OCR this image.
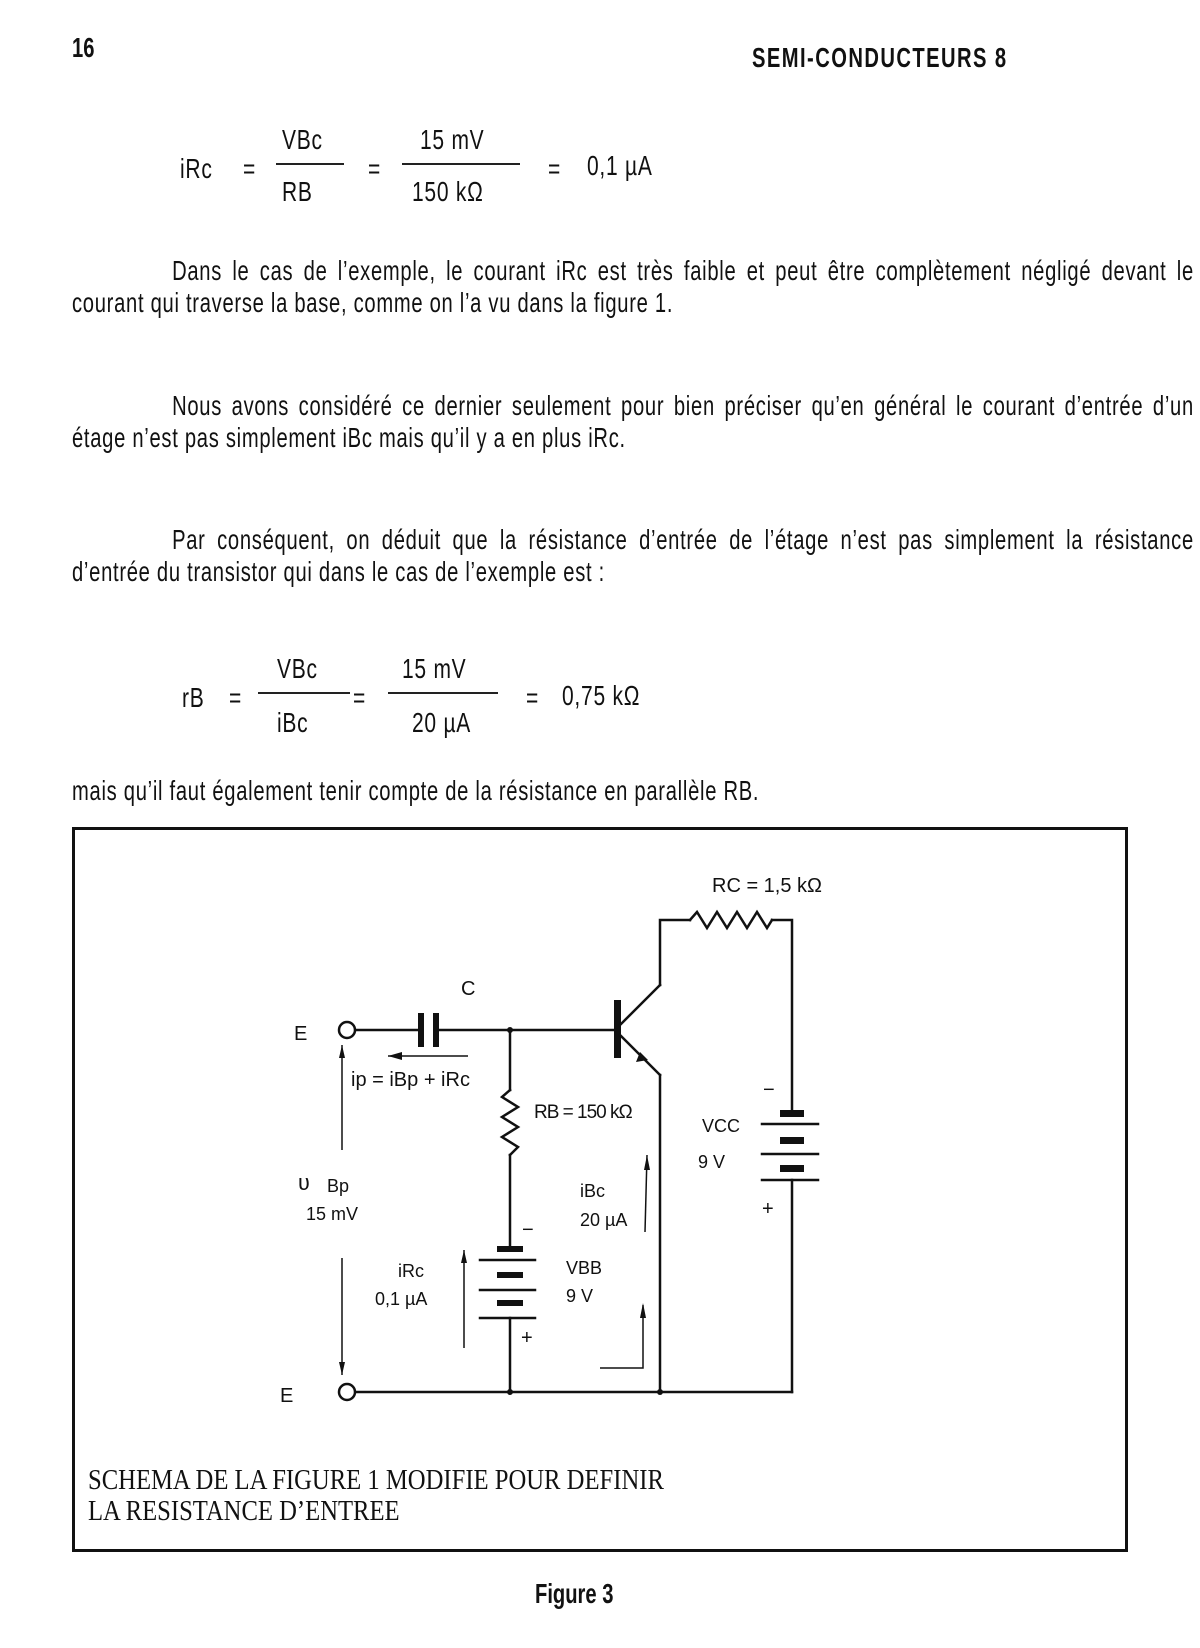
16	SEMI-CONDUCTEURS 8
iRc =
VBc
RB
=
15 mV
150 kΩ
= 0,1 µA
Dans le cas de l’exemple, le courant iRc est très faible et peut être complètement négligé devant le courant qui traverse la base, comme on l’a vu dans la figure 1.
Nous avons considéré ce dernier seulement pour bien préciser qu’en général le courant d’entrée d’un étage n’est pas simplement iBc mais qu’il y a en plus iRc.
Par conséquent, on déduit que la résistance d’entrée de l’étage n’est pas simplement la résistance d’entrée du transistor qui dans le cas de l’exemple est :
rB =
VBc
iBc
=
15 mV
20 µA
= 0,75 kΩ
mais qu’il faut également tenir compte de la résistance en parallèle RB.
E
E
C
ip = iBp + iRc
RB = 150 kΩ
RC = 1,5 kΩ
ʋ Bp
15 mV
iRc
0,1 µA
iBc
20 µA
VBB
9 V
−
+
VCC
9 V
−
+
SCHEMA DE LA FIGURE 1 MODIFIE POUR DEFINIR
LA RESISTANCE D’ENTREE
Figure 3
